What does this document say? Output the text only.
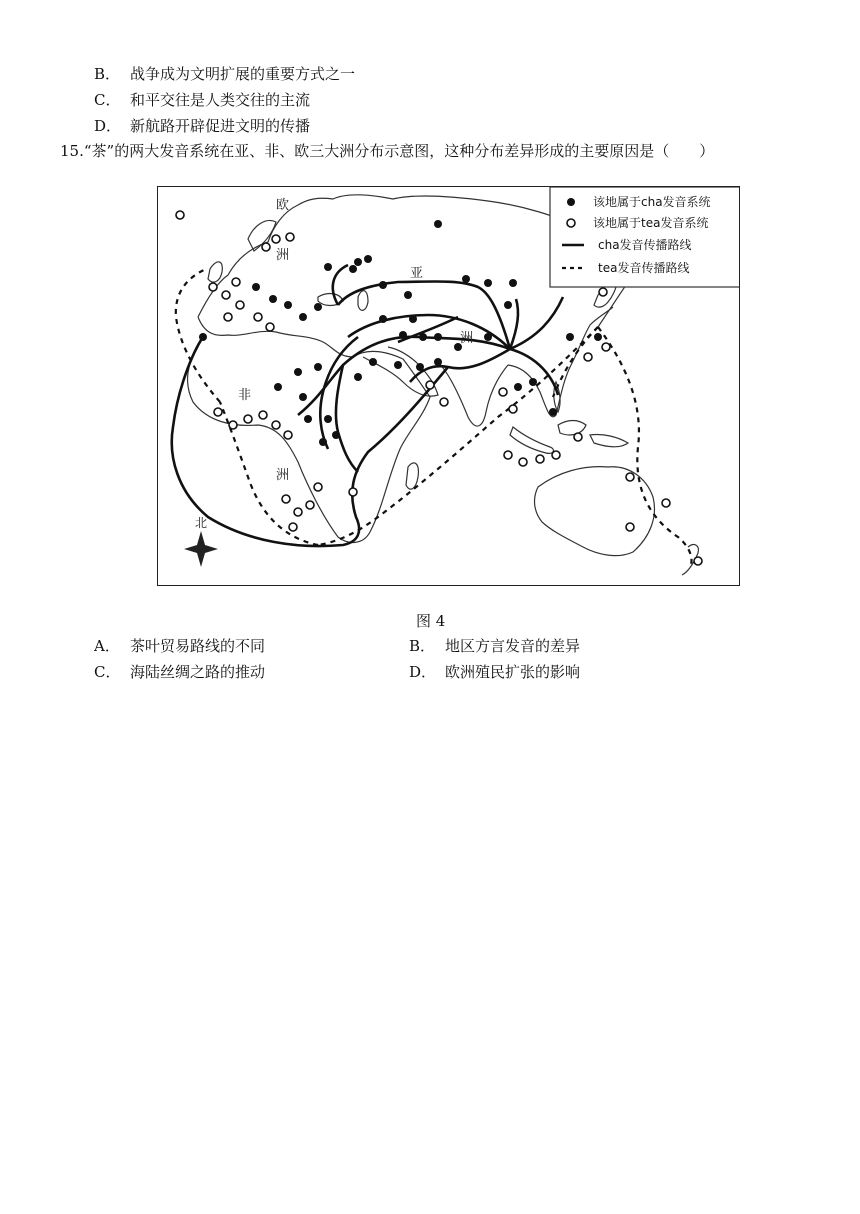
B． 战争成为文明扩展的重要方式之一
C． 和平交往是人类交往的主流
D． 新航路开辟促进文明的传播
15.“茶”的两大发音系统在亚、非、欧三大洲分布示意图，这种分布差异形成的主要原因是（　　）
欧
洲
亚
洲
非
洲
北
该地属于cha发音系统
该地属于tea发音系统
cha发音传播路线
tea发音传播路线
图 4
A． 茶叶贸易路线的不同	B． 地区方言发音的差异
C． 海陆丝绸之路的推动	D． 欧洲殖民扩张的影响
